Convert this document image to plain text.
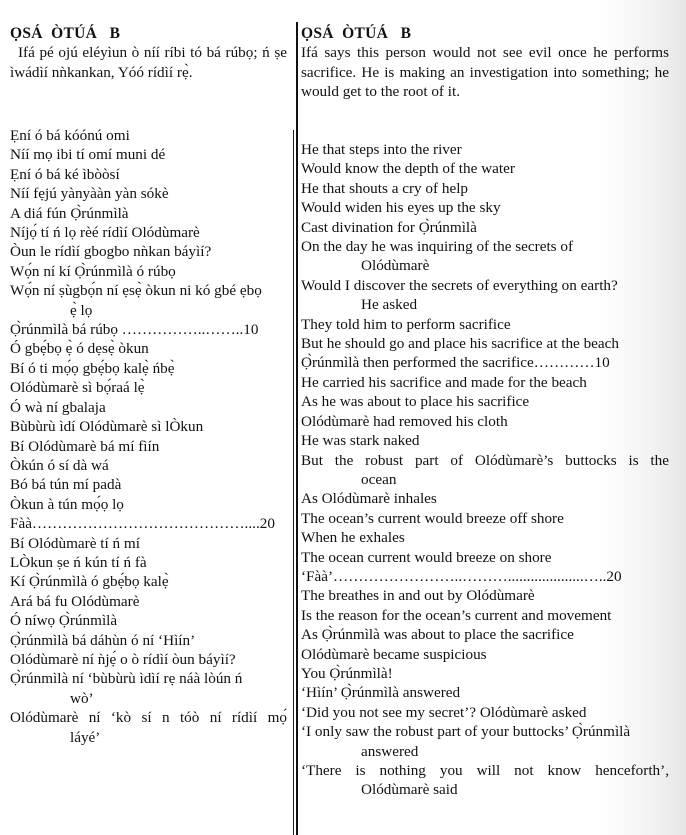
ỌSÁ  ÒTÚÁ   B

Ifá pé ojú eléyìun ò níí ríbi tó bá rúbọ; ń ṣe ìwádìí nǹkankan, Yóó rídìí rẹ̀.

Ẹní ó bá kóónú omi
Níí mọ ibi tí omí muni dé
Ẹní ó bá ké ìbòòsí
Níí fẹjú yànyààn yàn sókè
A diá fún Ọ̀rúnmìlà
Níjọ́ tí ń lọ rèé rídìí Olódùmarè
Òun le rídìí gbogbo nǹkan báyìí?
Wọ́n ní kí Ọ̀rúnmìlà ó rúbọ
Wọ́n ní ṣùgbọ́n ní ẹsẹ̀ òkun ni kó gbé ẹbọ
ẹ̀ lọ
Ọ̀rúnmìlà bá rúbọ ……………..……..10
Ó gbẹ́bọ ẹ̀ ó dẹsẹ̀ òkun
Bí ó ti mọ́ọ gbẹ́bọ kalẹ̀ ńbẹ̀
Olódùmarè sì bọ́raá lẹ̀
Ó wà ní gbalaja
Bùbùrù ìdí Olódùmarè sì lÒkun
Bí Olódùmarè bá mí fìín
Òkún ó sí dà wá
Bó bá tún mí padà
Òkun à tún mọ́ọ lọ
Fàà……………………………………....20
Bí Olódùmarè tí ń mí
LÒkun ṣe ń kún tí ń fà
Kí Ọ̀rúnmìlà ó gbẹ́bọ kalẹ̀
Ará bá fu Olódùmarè
Ó níwọ Ọ̀rúnmìlà
Ọ̀rúnmìlà bá dáhùn ó ní ‘Hìín’
Olódùmarè ní ǹjẹ́ o ò rídìí òun báyìí?
Ọ̀rúnmìlà ní ‘bùbùrù ìdìí rẹ náà lòún ń
wò’
Olódùmarè ní ‘kò sí n tóò ní rídìí mọ́
láyé’
ỌSÁ  ÒTÚÁ   B

Ifá says this person would not see evil once he performs sacrifice. He is making an investigation into something; he would get to the root of it.

He that steps into the river
Would know the depth of the water
He that shouts a cry of help
Would widen his eyes up the sky
Cast divination for Ọ̀rúnmìlà
On the day he was inquiring of the secrets of
Olódùmarè
Would I discover the secrets of everything on earth?
He asked
They told him to perform sacrifice
But he should go and place his sacrifice at the beach
Ọ̀rúnmìlà then performed the sacrifice…………10
He carried his sacrifice and made for the beach
As he was about to place his sacrifice
Olódùmarè had removed his cloth
He was stark naked
But the robust part of Olódùmarè’s buttocks is the
ocean
As Olódùmarè inhales
The ocean’s current would breeze off shore
When he exhales
The ocean current would breeze on shore
‘Fàà’……………………..………....................…..20
The breathes in and out by Olódùmarè
Is the reason for the ocean’s current and movement
As Ọ̀rúnmìlà was about to place the sacrifice
Olódùmarè became suspicious
You Ọ̀rúnmìlà!
‘Hìín’ Ọ̀rúnmìlà answered
‘Did you not see my secret’? Olódùmarè asked
‘I only saw the robust part of your buttocks’ Ọ̀rúnmìlà
answered
‘There is nothing you will not know henceforth’,
Olódùmarè said
